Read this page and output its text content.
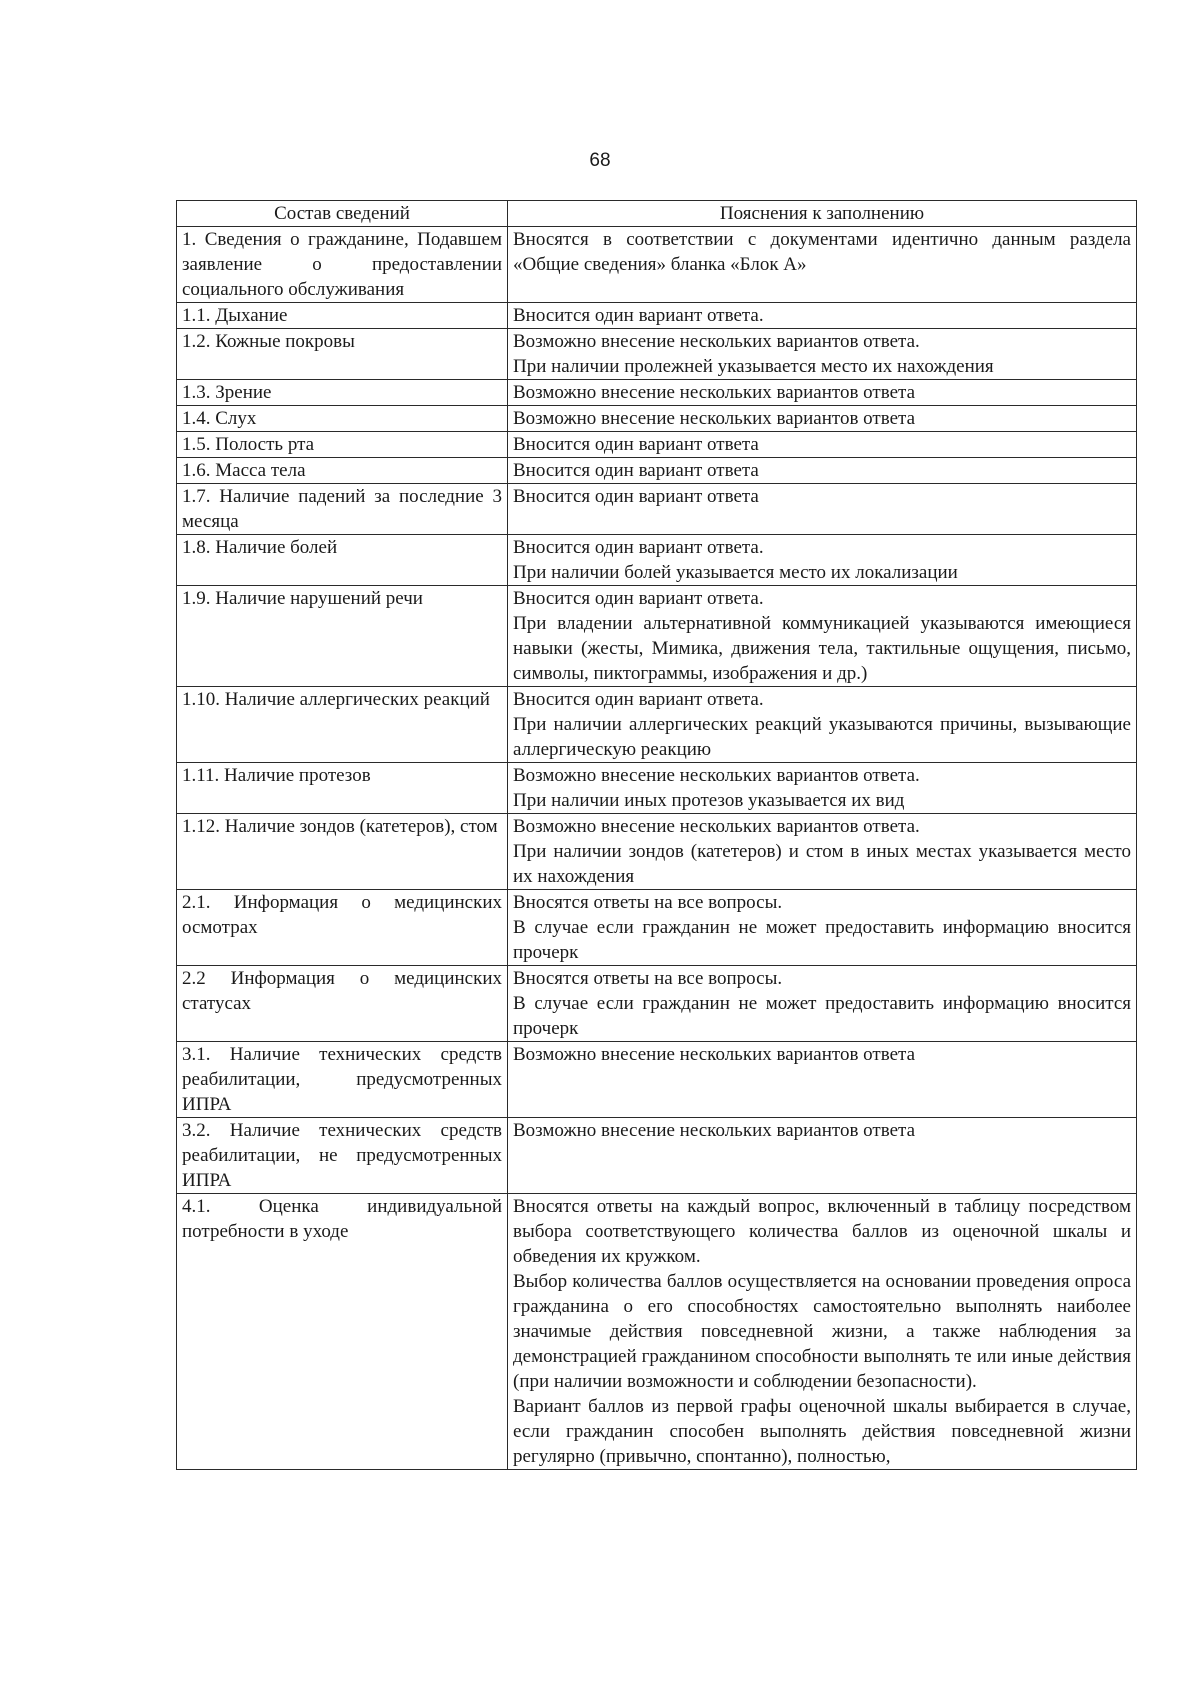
68
Состав сведений	Пояснения к заполнению
1. Сведения о гражданине, Подавшем заявление о предоставлении социального обслуживания	Вносятся в соответствии с документами идентично данным раздела «Общие сведения» бланка «Блок А»

1.1. Дыхание	Вносится один вариант ответа.

1.2. Кожные покровы	Возможно внесение нескольких вариантов ответа.
При наличии пролежней указывается место их нахождения

1.3. Зрение	Возможно внесение нескольких вариантов ответа

1.4. Слух	Возможно внесение нескольких вариантов ответа

1.5. Полость рта	Вносится один вариант ответа

1.6. Масса тела	Вносится один вариант ответа

1.7. Наличие падений за последние 3 месяца	Вносится один вариант ответа

1.8. Наличие болей	Вносится один вариант ответа.
При наличии болей указывается место их локализации

1.9. Наличие нарушений речи	Вносится один вариант ответа.
При владении альтернативной коммуникацией указываются имеющиеся навыки (жесты, Мимика, движения тела, тактильные ощущения, письмо, символы, пиктограммы, изображения и др.)

1.10. Наличие аллергических реакций	Вносится один вариант ответа.
При наличии аллергических реакций указываются причины, вызывающие аллергическую реакцию

1.11. Наличие протезов	Возможно внесение нескольких вариантов ответа.
При наличии иных протезов указывается их вид

1.12. Наличие зондов (катетеров), стом	Возможно внесение нескольких вариантов ответа.
При наличии зондов (катетеров) и стом в иных местах указывается место их нахождения

2.1. Информация о медицинских осмотрах	Вносятся ответы на все вопросы.
В случае если гражданин не может предоставить информацию вносится прочерк

2.2 Информация о медицинских статусах	Вносятся ответы на все вопросы.
В случае если гражданин не может предоставить информацию вносится прочерк

3.1. Наличие технических средств реабилитации, предусмотренных ИПРА	Возможно внесение нескольких вариантов ответа

3.2. Наличие технических средств реабилитации, не предусмотренных ИПРА	Возможно внесение нескольких вариантов ответа

4.1. Оценка индивидуальной потребности в уходе	Вносятся ответы на каждый вопрос, включенный в таблицу посредством выбора соответствующего количества баллов из оценочной шкалы и обведения их кружком.
Выбор количества баллов осуществляется на основании проведения опроса гражданина о его способностях самостоятельно выполнять наиболее значимые действия повседневной жизни, а также наблюдения за демонстрацией гражданином способности выполнять те или иные действия (при наличии возможности и соблюдении безопасности).
Вариант баллов из первой графы оценочной шкалы выбирается в случае, если гражданин способен выполнять действия повседневной жизни регулярно (привычно, спонтанно), полностью,
